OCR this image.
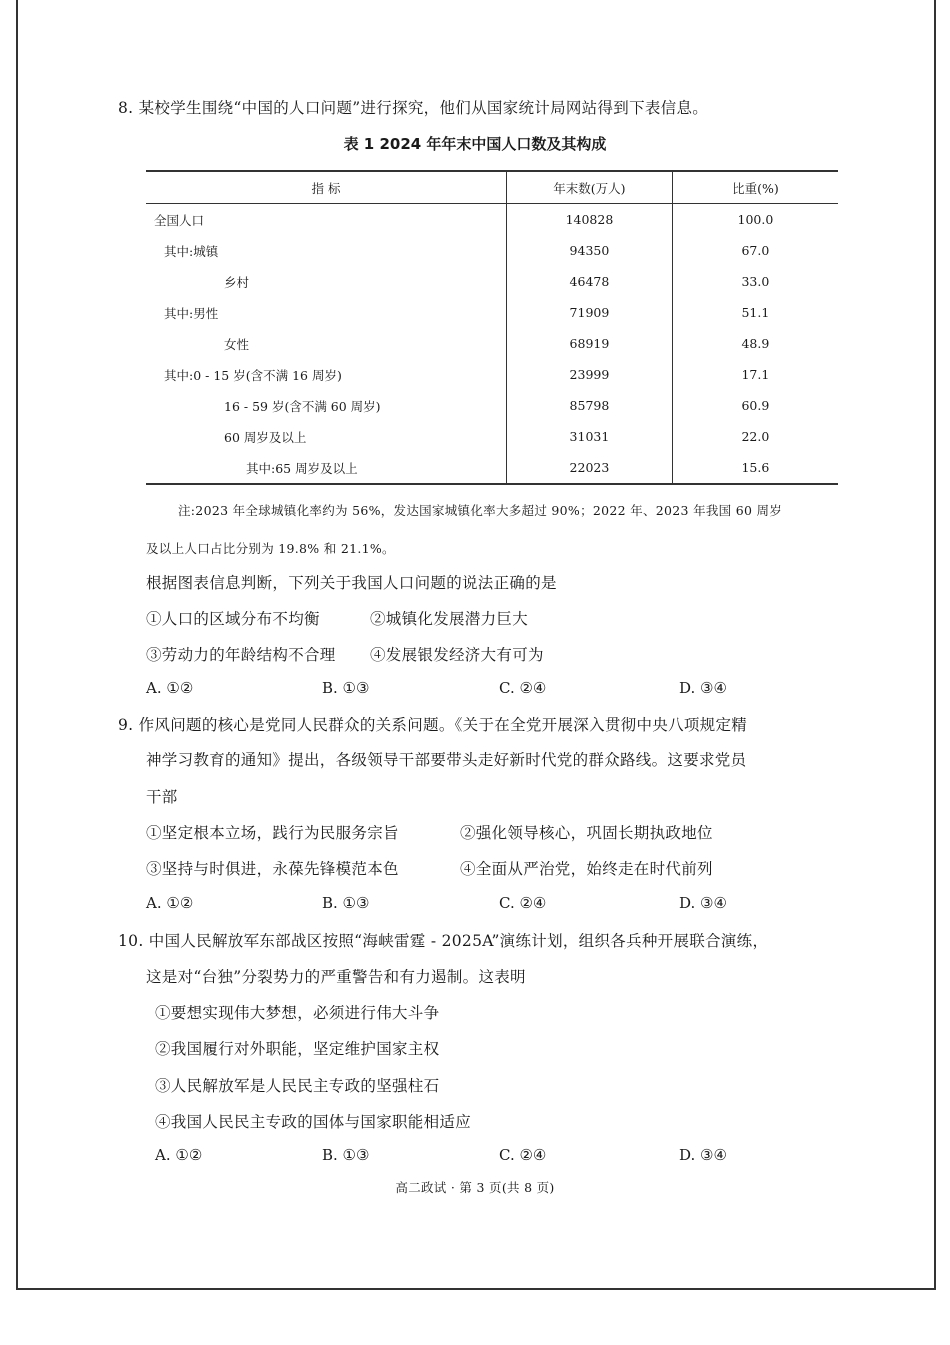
8. 某校学生围绕“中国的人口问题”进行探究，他们从国家统计局网站得到下表信息。
表 1 2024 年年末中国人口数及其构成
指 标	年末数(万人)	比重(%)
全国人口	140828	100.0
其中:城镇	94350	67.0
乡村	46478	33.0
其中:男性	71909	51.1
女性	68919	48.9
其中:0 - 15 岁(含不满 16 周岁)	23999	17.1
16 - 59 岁(含不满 60 周岁)	85798	60.9
60 周岁及以上	31031	22.0
其中:65 周岁及以上	22023	15.6
注:2023 年全球城镇化率约为 56%，发达国家城镇化率大多超过 90%；2022 年、2023 年我国 60 周岁
及以上人口占比分别为 19.8% 和 21.1%。
根据图表信息判断，下列关于我国人口问题的说法正确的是
①人口的区域分布不均衡	②城镇化发展潜力巨大
③劳动力的年龄结构不合理 ④发展银发经济大有可为
A. ①②	B. ①③	C. ②④	D. ③④
9. 作风问题的核心是党同人民群众的关系问题。《关于在全党开展深入贯彻中央八项规定精
神学习教育的通知》提出，各级领导干部要带头走好新时代党的群众路线。这要求党员
干部
①坚定根本立场，践行为民服务宗旨	②强化领导核心，巩固长期执政地位
③坚持与时俱进，永葆先锋模范本色	④全面从严治党，始终走在时代前列
A. ①②	B. ①③	C. ②④	D. ③④
10. 中国人民解放军东部战区按照“海峡雷霆 - 2025A”演练计划，组织各兵种开展联合演练，
这是对“台独”分裂势力的严重警告和有力遏制。这表明
①要想实现伟大梦想，必须进行伟大斗争
②我国履行对外职能，坚定维护国家主权
③人民解放军是人民民主专政的坚强柱石
④我国人民民主专政的国体与国家职能相适应
A. ①②	B. ①③	C. ②④	D. ③④
高二政试 · 第 3 页(共 8 页)
